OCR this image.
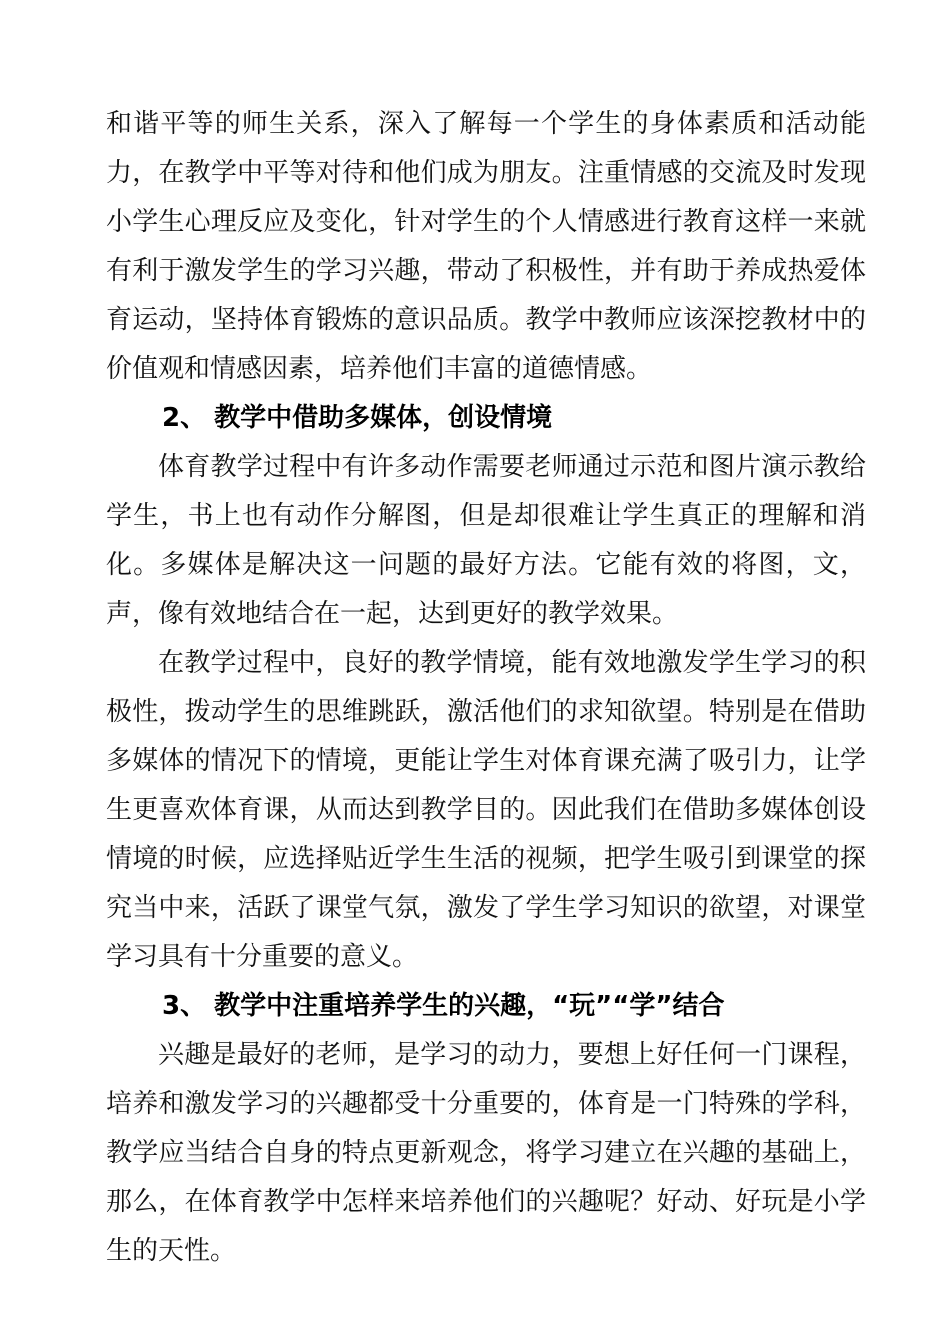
和谐平等的师生关系，深入了解每一个学生的身体素质和活动能力，在教学中平等对待和他们成为朋友。注重情感的交流及时发现小学生心理反应及变化，针对学生的个人情感进行教育这样一来就有利于激发学生的学习兴趣，带动了积极性，并有助于养成热爱体育运动，坚持体育锻炼的意识品质。教学中教师应该深挖教材中的价值观和情感因素，培养他们丰富的道德情感。

2、 教学中借助多媒体，创设情境

体育教学过程中有许多动作需要老师通过示范和图片演示教给学生，书上也有动作分解图，但是却很难让学生真正的理解和消化。多媒体是解决这一问题的最好方法。它能有效的将图，文，声，像有效地结合在一起，达到更好的教学效果。

在教学过程中，良好的教学情境，能有效地激发学生学习的积极性，拨动学生的思维跳跃，激活他们的求知欲望。特别是在借助多媒体的情况下的情境，更能让学生对体育课充满了吸引力，让学生更喜欢体育课，从而达到教学目的。因此我们在借助多媒体创设情境的时候，应选择贴近学生生活的视频，把学生吸引到课堂的探究当中来，活跃了课堂气氛，激发了学生学习知识的欲望，对课堂学习具有十分重要的意义。

3、 教学中注重培养学生的兴趣，“玩”“学”结合

兴趣是最好的老师，是学习的动力，要想上好任何一门课程，培养和激发学习的兴趣都受十分重要的，体育是一门特殊的学科，教学应当结合自身的特点更新观念，将学习建立在兴趣的基础上，那么，在体育教学中怎样来培养他们的兴趣呢？好动、好玩是小学生的天性。
